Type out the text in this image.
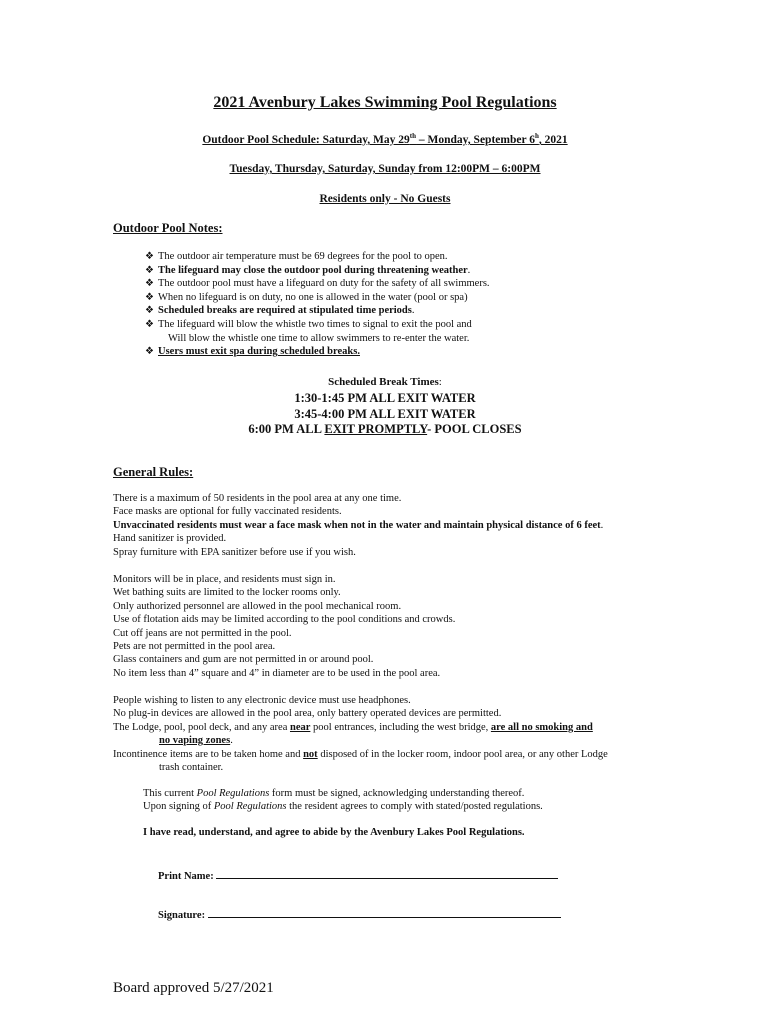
2021 Avenbury Lakes Swimming Pool Regulations
Outdoor Pool Schedule: Saturday, May 29th – Monday, September 6$^h$, 2021
Tuesday, Thursday, Saturday, Sunday from 12:00PM – 6:00PM
Residents only - No Guests
Outdoor Pool Notes:
❖ The outdoor air temperature must be 69 degrees for the pool to open.
❖ The lifeguard may close the outdoor pool during threatening weather.
❖ The outdoor pool must have a lifeguard on duty for the safety of all swimmers.
❖ When no lifeguard is on duty, no one is allowed in the water (pool or spa)
❖ Scheduled breaks are required at stipulated time periods.
❖ The lifeguard will blow the whistle two times to signal to exit the pool and
Will blow the whistle one time to allow swimmers to re-enter the water.
❖ Users must exit spa during scheduled breaks.
Scheduled Break Times:
1:30-1:45 PM ALL EXIT WATER
3:45-4:00 PM ALL EXIT WATER
6:00 PM ALL EXIT PROMPTLY- POOL CLOSES
General Rules:
There is a maximum of 50 residents in the pool area at any one time.
Face masks are optional for fully vaccinated residents.
Unvaccinated residents must wear a face mask when not in the water and maintain physical distance of 6 feet.
Hand sanitizer is provided.
Spray furniture with EPA sanitizer before use if you wish.
Monitors will be in place, and residents must sign in.
Wet bathing suits are limited to the locker rooms only.
Only authorized personnel are allowed in the pool mechanical room.
Use of flotation aids may be limited according to the pool conditions and crowds.
Cut off jeans are not permitted in the pool.
Pets are not permitted in the pool area.
Glass containers and gum are not permitted in or around pool.
No item less than 4” square and 4” in diameter are to be used in the pool area.
People wishing to listen to any electronic device must use headphones.
No plug-in devices are allowed in the pool area, only battery operated devices are permitted.
The Lodge, pool, pool deck, and any area near pool entrances, including the west bridge, are all no smoking and
no vaping zones.
Incontinence items are to be taken home and not disposed of in the locker room, indoor pool area, or any other Lodge
trash container.
This current Pool Regulations form must be signed, acknowledging understanding thereof.
Upon signing of Pool Regulations the resident agrees to comply with stated/posted regulations.
I have read, understand, and agree to abide by the Avenbury Lakes Pool Regulations.
Print Name:
Signature:
Board approved 5/27/2021
